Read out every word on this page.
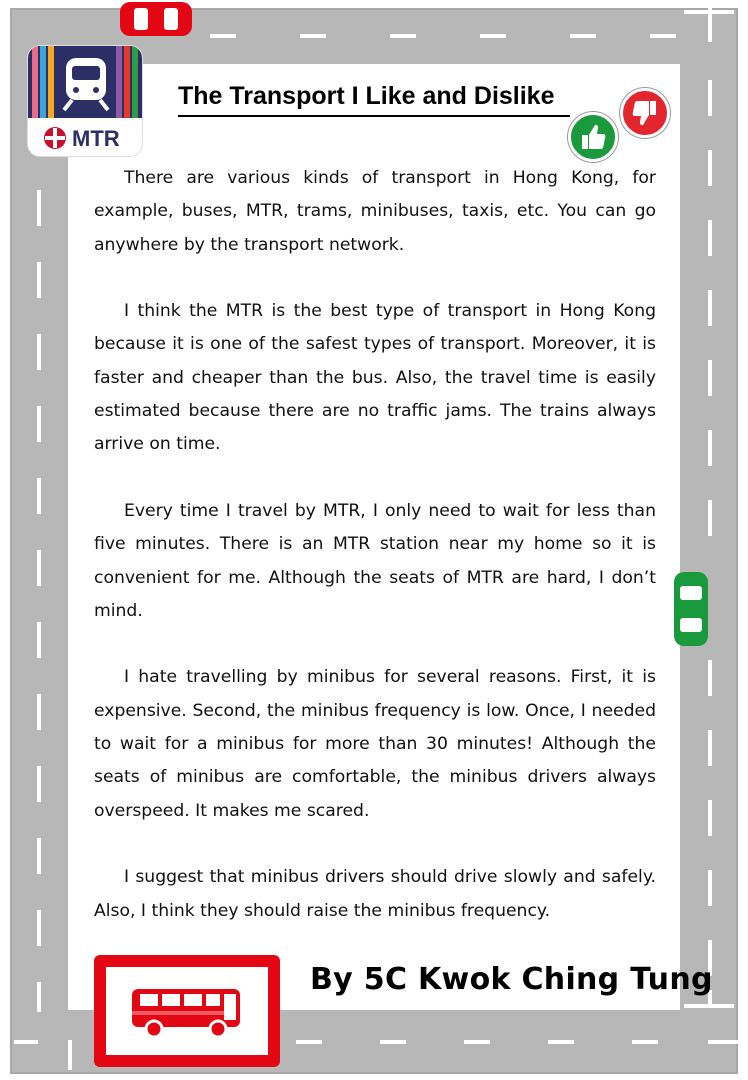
MTR
The Transport I Like and Dislike

There are various kinds of transport in Hong Kong, for example, buses, MTR, trams, minibuses, taxis, etc. You can go anywhere by the transport network.

I think the MTR is the best type of transport in Hong Kong because it is one of the safest types of transport. Moreover, it is faster and cheaper than the bus. Also, the travel time is easily estimated because there are no traffic jams. The trains always arrive on time.

Every time I travel by MTR, I only need to wait for less than five minutes. There is an MTR station near my home so it is convenient for me. Although the seats of MTR are hard, I don’t mind.

I hate travelling by minibus for several reasons. First, it is expensive. Second, the minibus frequency is low. Once, I needed to wait for a minibus for more than 30 minutes! Although the seats of minibus are comfortable, the minibus drivers always overspeed. It makes me scared.

I suggest that minibus drivers should drive slowly and safely. Also, I think they should raise the minibus frequency.

By 5C Kwok Ching Tung
